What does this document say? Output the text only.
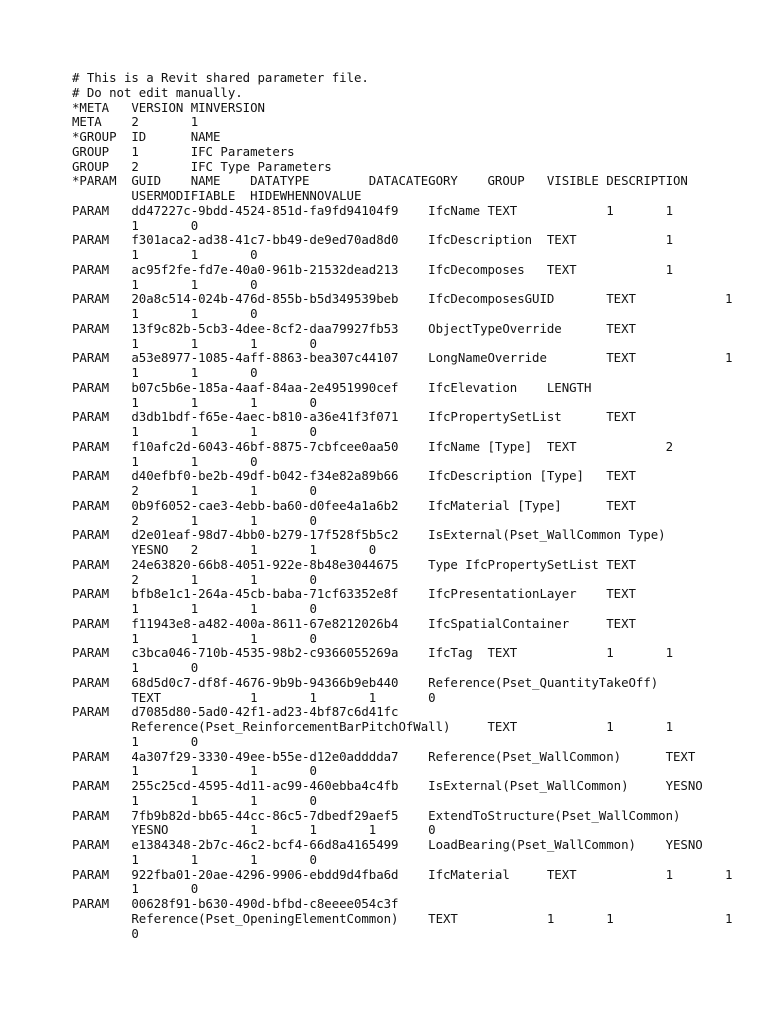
# This is a Revit shared parameter file.
# Do not edit manually.
*META	VERSION	MINVERSION
META	2	1
*GROUP	ID	NAME
GROUP	1	IFC Parameters
GROUP	2	IFC Type Parameters
*PARAM	GUID	NAME	DATATYPE	DATACATEGORY	GROUP	VISIBLE	DESCRIPTION
	USERMODIFIABLE	HIDEWHENNOVALUE
PARAM	dd47227c-9bdd-4524-851d-fa9fd94104f9	IfcName	TEXT		1	1
	1	0
PARAM	f301aca2-ad38-41c7-bb49-de9ed70ad8d0	IfcDescription	TEXT		1
	1	1	0
PARAM	ac95f2fe-fd7e-40a0-961b-21532dead213	IfcDecomposes	TEXT		1
	1	1	0
PARAM	20a8c514-024b-476d-855b-b5d349539beb	IfcDecomposesGUID	TEXT		1
	1	1	0
PARAM	13f9c82b-5cb3-4dee-8cf2-daa79927fb53	ObjectTypeOverride	TEXT
	1	1	1	0
PARAM	a53e8977-1085-4aff-8863-bea307c44107	LongNameOverride	TEXT		1
	1	1	0
PARAM	b07c5b6e-185a-4aaf-84aa-2e4951990cef	IfcElevation	LENGTH
	1	1	1	0
PARAM	d3db1bdf-f65e-4aec-b810-a36e41f3f071	IfcPropertySetList	TEXT
	1	1	1	0
PARAM	f10afc2d-6043-46bf-8875-7cbfcee0aa50	IfcName [Type]	TEXT		2
	1	1	0
PARAM	d40efbf0-be2b-49df-b042-f34e82a89b66	IfcDescription [Type]	TEXT
	2	1	1	0
PARAM	0b9f6052-cae3-4ebb-ba60-d0fee4a1a6b2	IfcMaterial [Type]	TEXT
	2	1	1	0
PARAM	d2e01eaf-98d7-4bb0-b279-17f528f5b5c2	IsExternal(Pset_WallCommon Type)
	YESNO	2	1	1	0
PARAM	24e63820-66b8-4051-922e-8b48e3044675	Type IfcPropertySetList	TEXT
	2	1	1	0
PARAM	bfb8e1c1-264a-45cb-baba-71cf63352e8f	IfcPresentationLayer	TEXT
	1	1	1	0
PARAM	f11943e8-a482-400a-8611-67e8212026b4	IfcSpatialContainer	TEXT
	1	1	1	0
PARAM	c3bca046-710b-4535-98b2-c9366055269a	IfcTag	TEXT		1	1
	1	0
PARAM	68d5d0c7-df8f-4676-9b9b-94366b9eb440	Reference(Pset_QuantityTakeOff)
	TEXT		1	1	1	0
PARAM	d7085d80-5ad0-42f1-ad23-4bf87c6d41fc
	Reference(Pset_ReinforcementBarPitchOfWall)	TEXT		1	1
	1	0
PARAM	4a307f29-3330-49ee-b55e-d12e0adddda7	Reference(Pset_WallCommon)	TEXT
	1	1	1	0
PARAM	255c25cd-4595-4d11-ac99-460ebba4c4fb	IsExternal(Pset_WallCommon)	YESNO
	1	1	1	0
PARAM	7fb9b82d-bb65-44cc-86c5-7dbedf29aef5	ExtendToStructure(Pset_WallCommon)
	YESNO		1	1	1	0
PARAM	e1384348-2b7c-46c2-bcf4-66d8a4165499	LoadBearing(Pset_WallCommon)	YESNO
	1	1	1	0
PARAM	922fba01-20ae-4296-9906-ebdd9d4fba6d	IfcMaterial	TEXT		1	1
	1	0
PARAM	00628f91-b630-490d-bfbd-c8eeee054c3f
	Reference(Pset_OpeningElementCommon)	TEXT		1	1		1
	0
